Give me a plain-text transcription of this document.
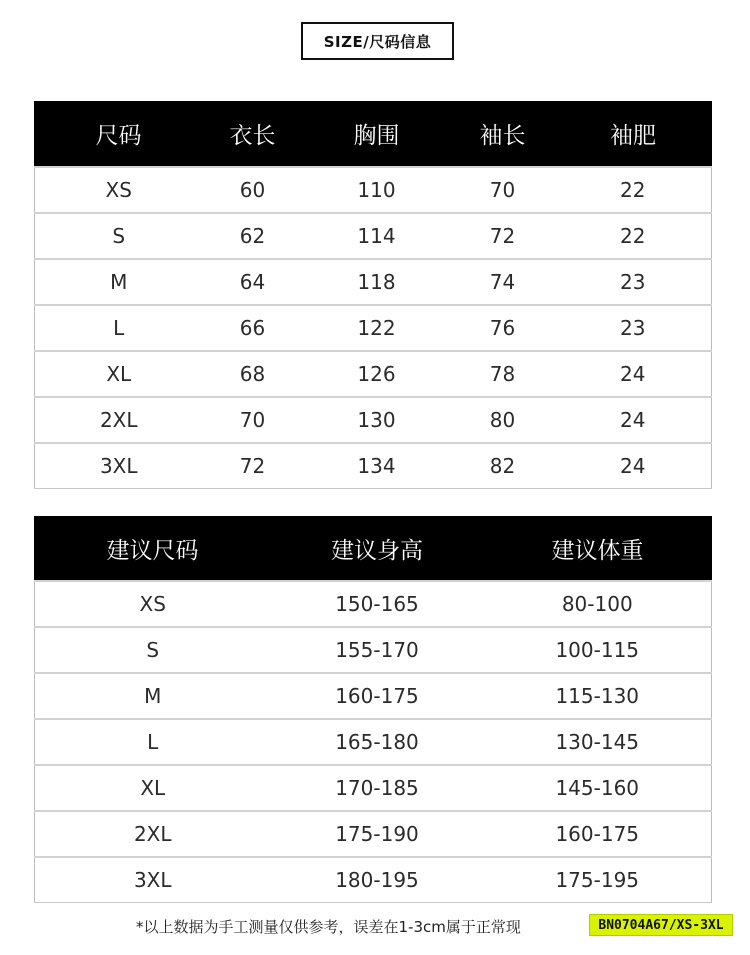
SIZE/尺码信息
尺码	衣长	胸围	袖长	袖肥
XS	60	110	70	22
S	62	114	72	22
M	64	118	74	23
L	66	122	76	23
XL	68	126	78	24
2XL	70	130	80	24
3XL	72	134	82	24
建议尺码	建议身高	建议体重
XS	150-165	80-100
S	155-170	100-115
M	160-175	115-130
L	165-180	130-145
XL	170-185	145-160
2XL	175-190	160-175
3XL	180-195	175-195
*以上数据为手工测量仅供参考，误差在1-3cm属于正常现	BN0704A67/XS-3XL
